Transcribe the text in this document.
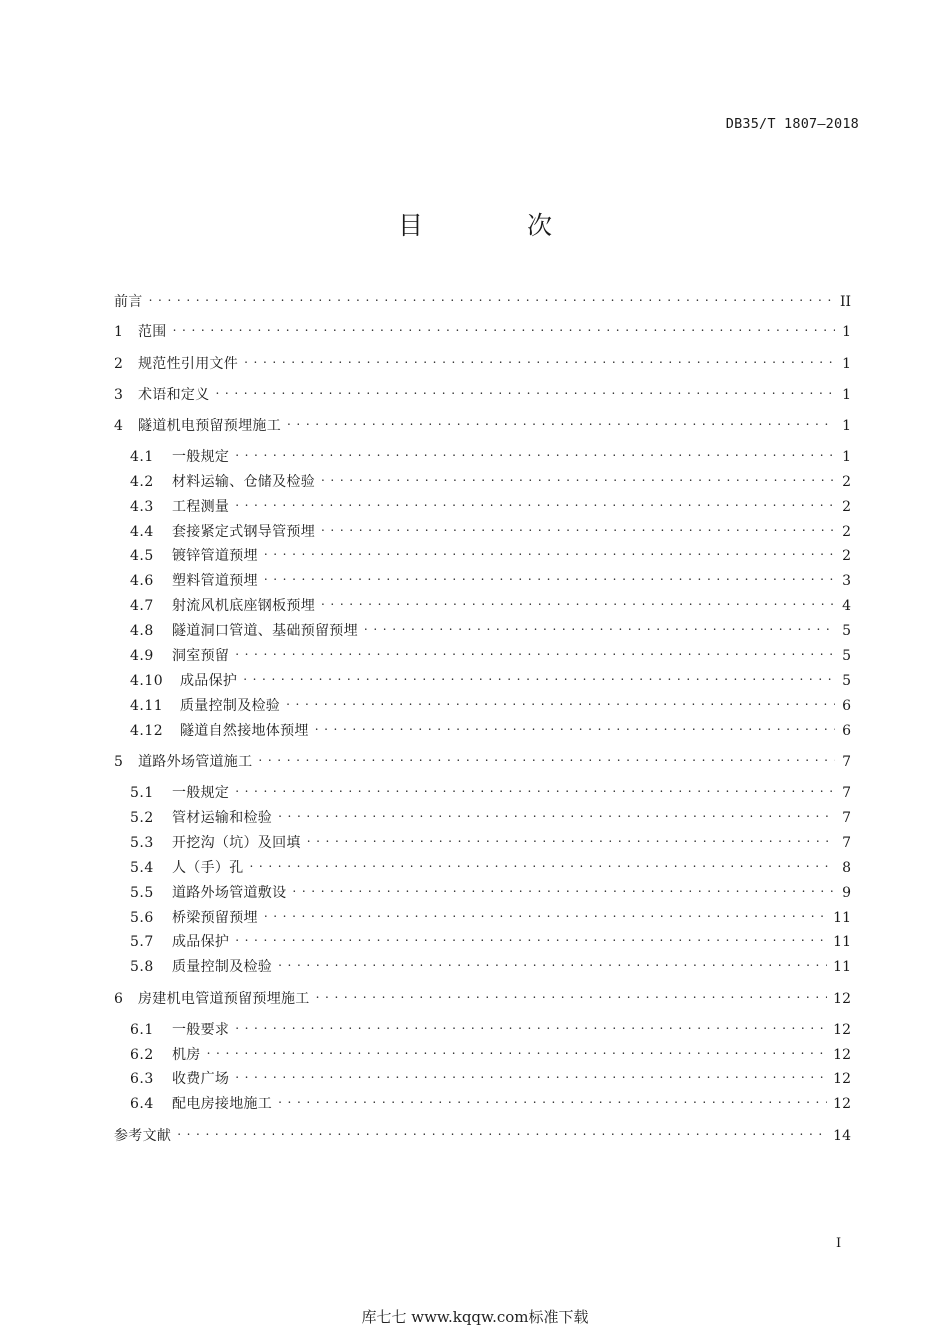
DB35/T 1807—2018
目 次
前言 . . .	II
1	范围 . . .	1
2	规范性引用文件 . . .	1
3	术语和定义 . . .	1
4	隧道机电预留预埋施工 . . .	1
4.1	一般规定 . . .	1
4.2	材料运输、仓储及检验 . . .	2
4.3	工程测量 . . .	2
4.4	套接紧定式钢导管预埋 . . .	2
4.5	镀锌管道预埋 . . .	2
4.6	塑料管道预埋 . . .	3
4.7	射流风机底座钢板预埋 . . .	4
4.8	隧道洞口管道、基础预留预埋 . . .	5
4.9	洞室预留 . . .	5
4.10	成品保护 . . .	5
4.11	质量控制及检验 . . .	6
4.12	隧道自然接地体预埋 . . .	6
5	道路外场管道施工 . . .	7
5.1	一般规定 . . .	7
5.2	管材运输和检验 . . .	7
5.3	开挖沟（坑）及回填 . . .	7
5.4	人（手）孔 . . .	8
5.5	道路外场管道敷设 . . .	9
5.6	桥梁预留预埋 . . .	11
5.7	成品保护 . . .	11
5.8	质量控制及检验 . . .	11
6	房建机电管道预留预埋施工 . . .	12
6.1	一般要求 . . .	12
6.2	机房 . . .	12
6.3	收费广场 . . .	12
6.4	配电房接地施工 . . .	12
参考文献 . . .	14
I
库七七 www.kqqw.com标准下载
